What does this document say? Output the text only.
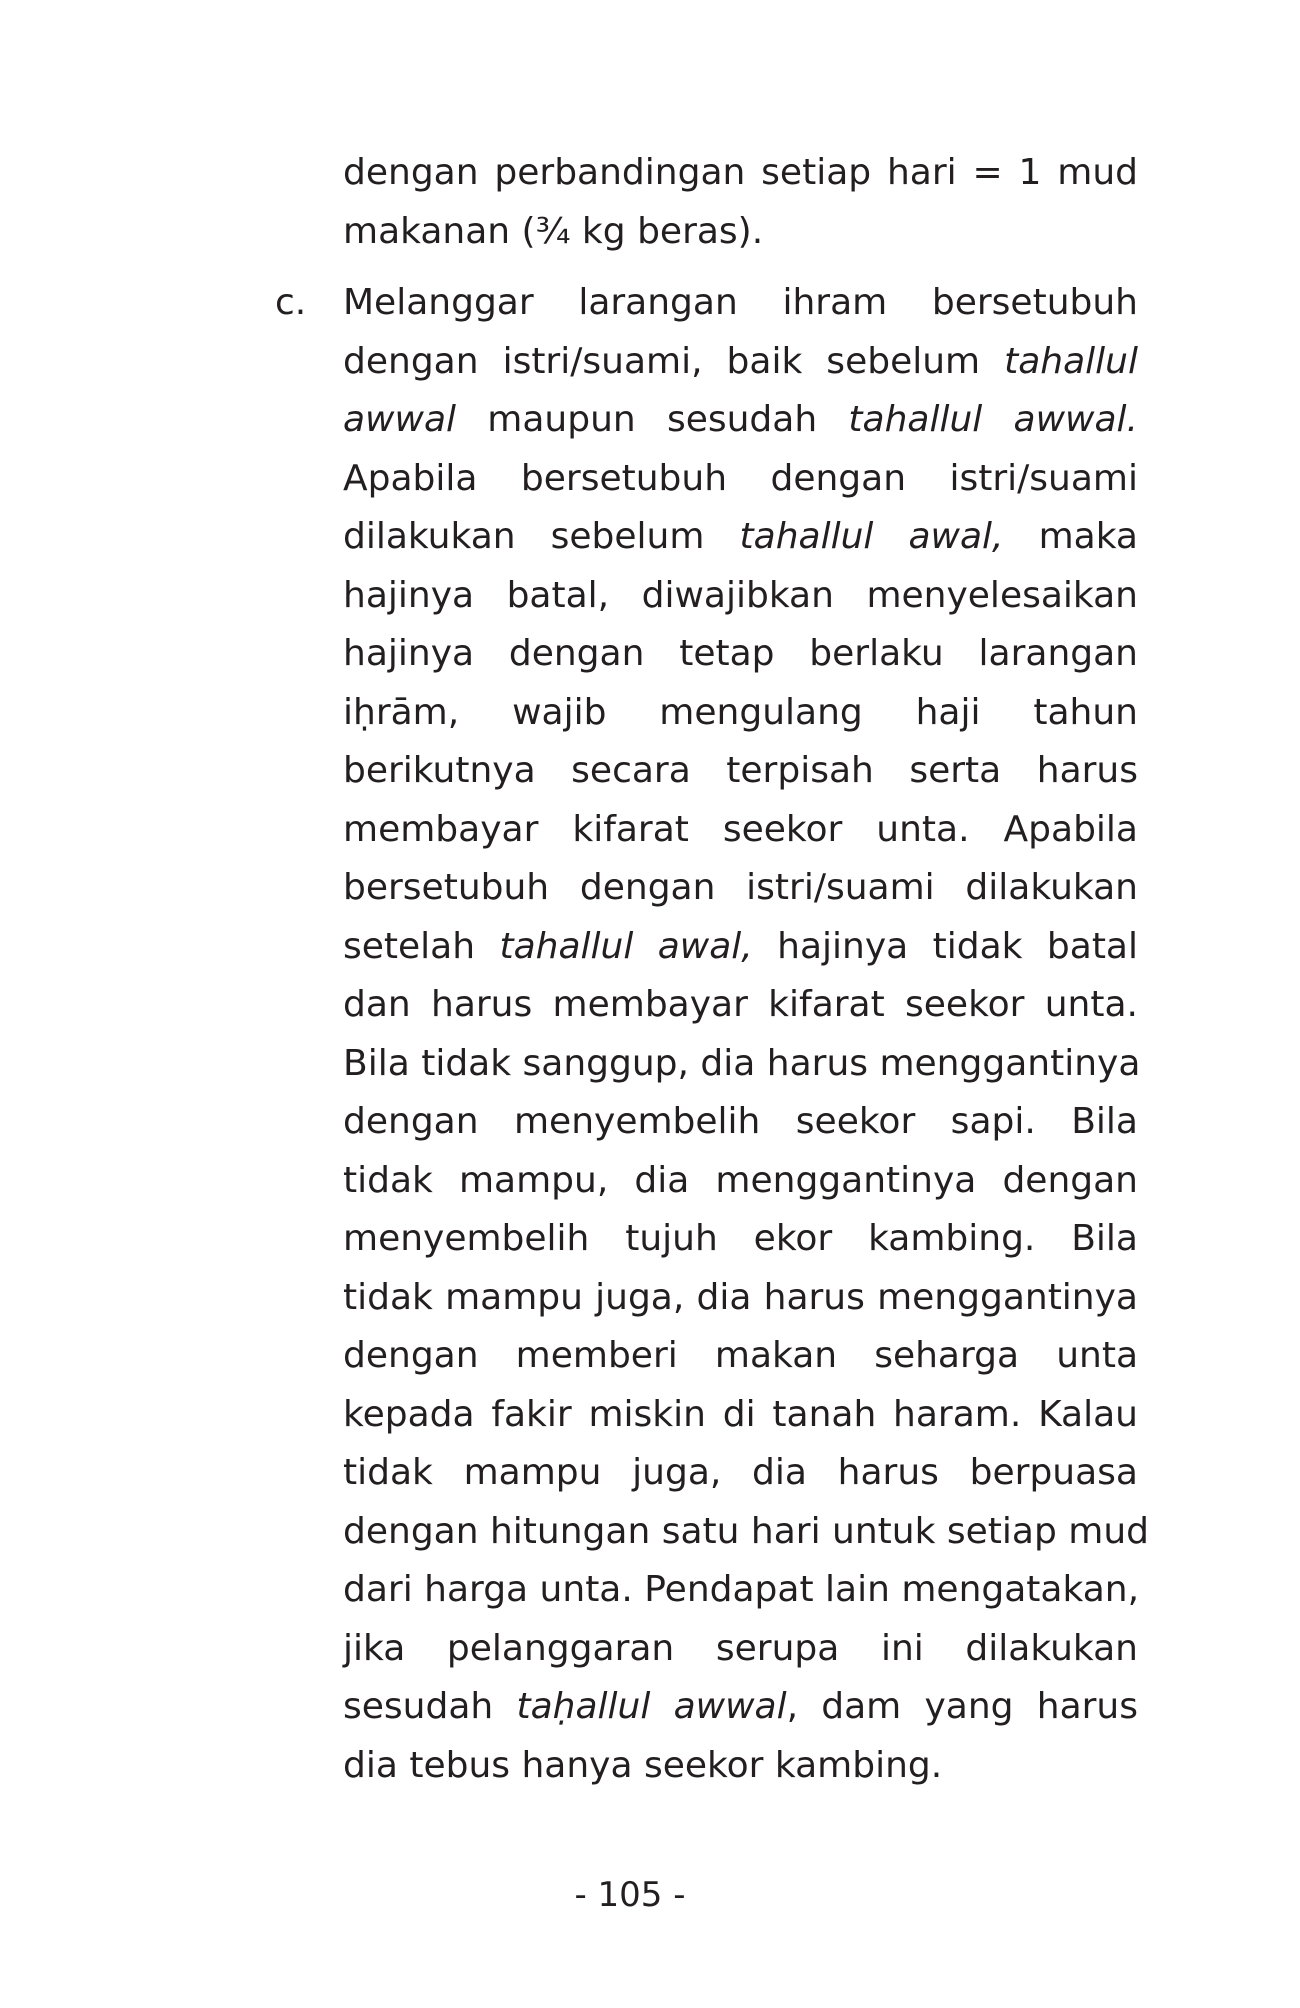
dengan perbandingan setiap hari = 1 mud
makanan (¾ kg beras).
c. Melanggar larangan ihram bersetubuh
dengan istri/suami, baik sebelum tahallul
awwal maupun sesudah tahallul awwal.
Apabila bersetubuh dengan istri/suami
dilakukan sebelum tahallul awal, maka
hajinya batal, diwajibkan menyelesaikan
hajinya dengan tetap berlaku larangan
iḥrām, wajib mengulang haji tahun
berikutnya secara terpisah serta harus
membayar kifarat seekor unta. Apabila
bersetubuh dengan istri/suami dilakukan
setelah tahallul awal, hajinya tidak batal
dan harus membayar kifarat seekor unta.
Bila tidak sanggup, dia harus menggantinya
dengan menyembelih seekor sapi. Bila
tidak mampu, dia menggantinya dengan
menyembelih tujuh ekor kambing. Bila
tidak mampu juga, dia harus menggantinya
dengan memberi makan seharga unta
kepada fakir miskin di tanah haram. Kalau
tidak mampu juga, dia harus berpuasa
dengan hitungan satu hari untuk setiap mud
dari harga unta. Pendapat lain mengatakan,
jika pelanggaran serupa ini dilakukan
sesudah taḥallul awwal, dam yang harus
dia tebus hanya seekor kambing.
- 105 -
